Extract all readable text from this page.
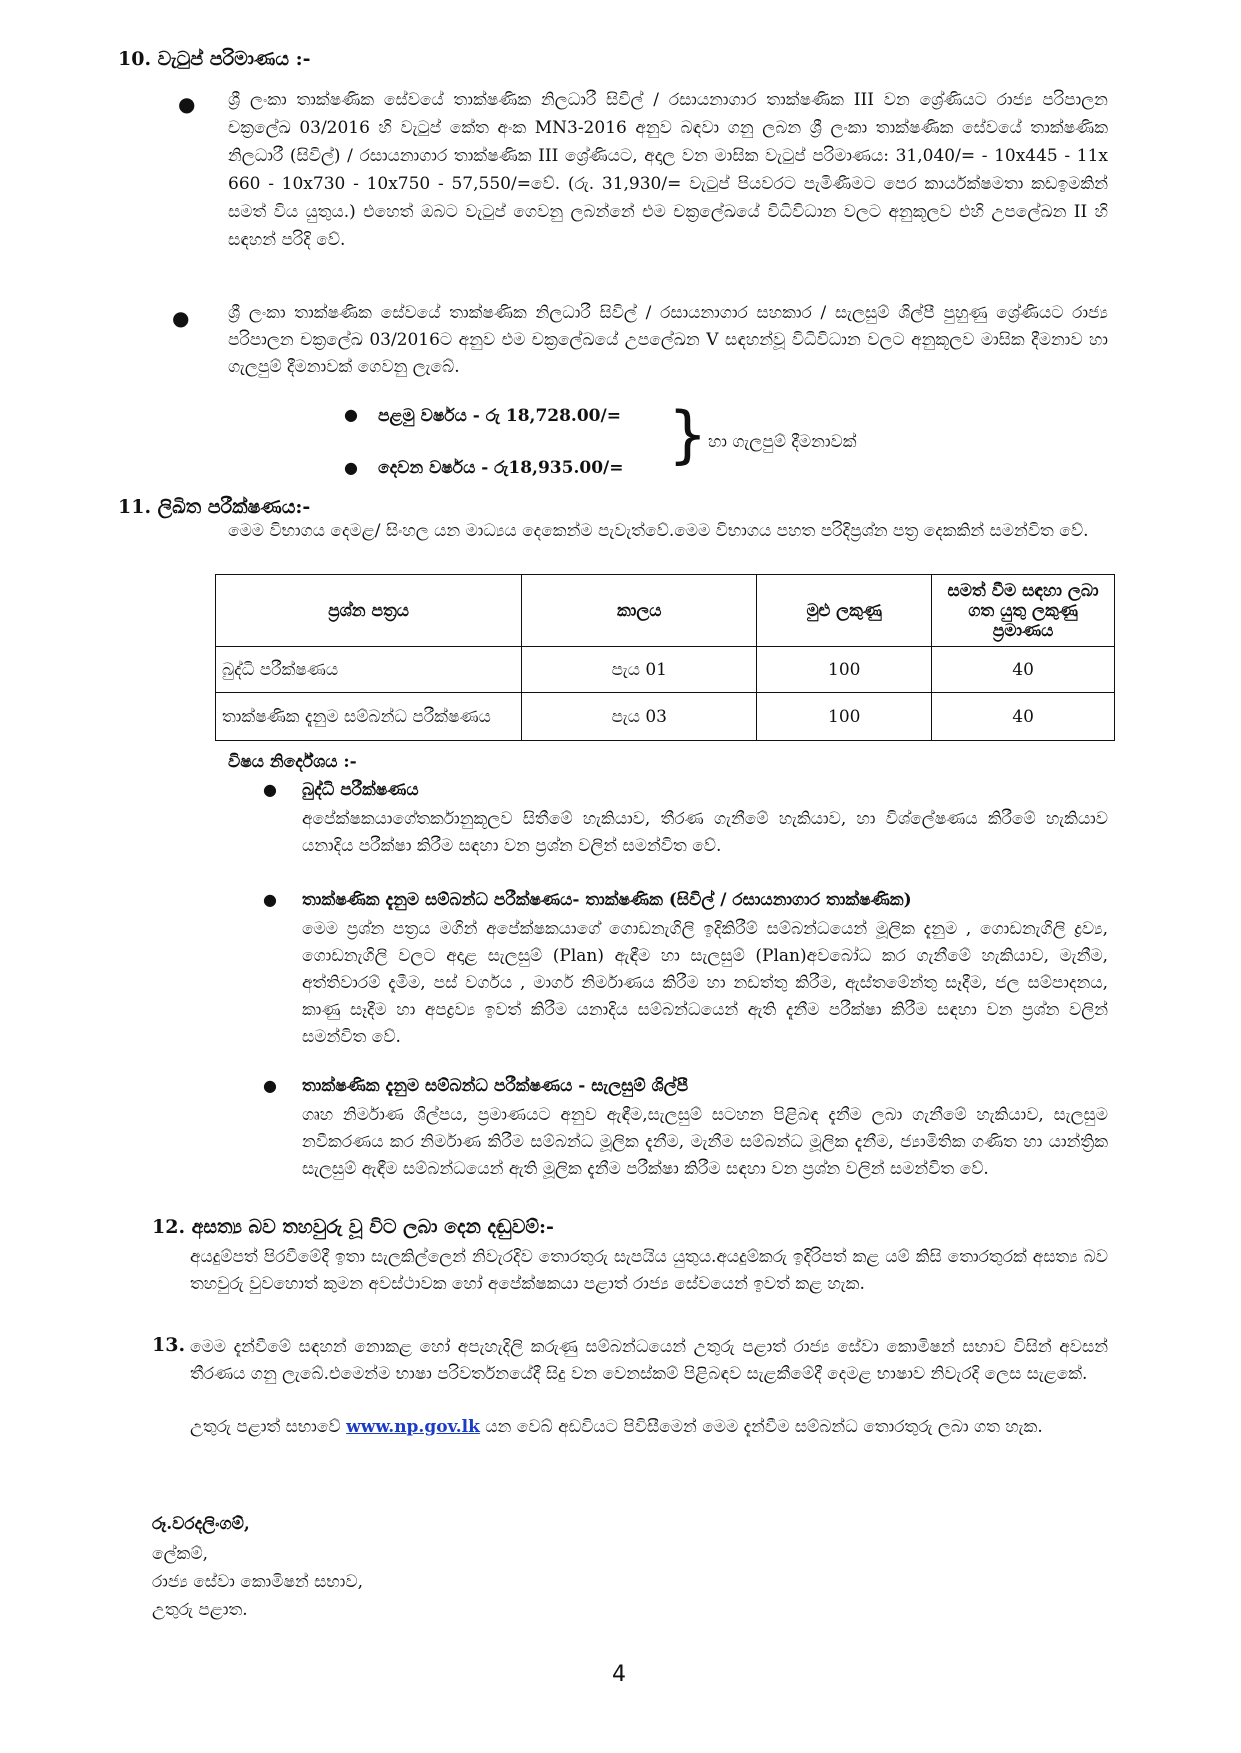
10. වැටුප් පරිමාණය :-
● ශ්‍රී ලංකා තාක්ෂණික සේවයේ තාක්ෂණික නිලධාරී සිවිල් / රසායනාගාර තාක්ෂණික III වන ශ්‍රේණියට රාජ්‍ය පරිපාලන චක්‍රලේඛ 03/2016 හි වැටුප් කේත අංක MN3-2016 අනුව බඳවා ගනු ලබන ශ්‍රී ලංකා තාක්ෂණික සේවයේ තාක්ෂණික නිලධාරී (සිවිල්) / රසායනාගාර තාක්ෂණික III ශ්‍රේණියට, අදාල වන මාසික වැටුප් පරිමාණය: 31,040/= - 10x445 - 11x 660 - 10x730 - 10x750 - 57,550/=වේ. (රු. 31,930/= වැටුප් පියවරට පැමිණීමට පෙර කාර්යක්ෂමතා කඩඉමකින් සමත් විය යුතුය.) එහෙත් ඔබට වැටුප් ගෙවනු ලබන්නේ එම චක්‍රලේඛයේ විධිවිධාන වලට අනුකූලව එහි උපලේඛන II හි සඳහන් පරිදි වේ.
● ශ්‍රී ලංකා තාක්ෂණික සේවයේ තාක්ෂණික නිලධාරී සිවිල් / රසායනාගාර සහකාර / සැලසුම් ශිල්පී පුහුණු ශ්‍රේණියට රාජ්‍ය පරිපාලන චක්‍රලේඛ 03/2016ට අනුව එම චක්‍රලේඛයේ උපලේඛන V සඳහන්වූ විධිවිධාන වලට අනුකූලව මාසික දීමනාව හා ගැලපුම් දීමනාවක් ගෙවනු ලැබේ.
● පළමු වර්ෂය - රු 18,728.00/=
● දෙවන වර්ෂය - රු18,935.00/= } හා ගැලපුම් දීමනාවක්
11. ලිඛිත පරීක්ෂණය:-
මෙම විභාගය දෙමළ/ සිංහල යන මාධ්‍යය දෙකෙන්ම පැවැත්වේ.මෙම විභාගය පහත පරිදිප්‍රශ්න පත්‍ර දෙකකින් සමන්විත වේ.
ප්‍රශ්න පත්‍රය	කාලය	මුළු ලකුණු	සමත් වීම සඳහා ලබා ගත යුතු ලකුණු ප්‍රමාණය
බුද්ධි පරීක්ෂණය	පැය 01	100	40
තාක්ෂණික දැනුම සම්බන්ධ පරීක්ෂණය	පැය 03	100	40
විෂය නිර්දේශය :-
● බුද්ධි පරීක්ෂණය
අපේක්ෂකයාගේතර්කානුකූලව සිතීමේ හැකියාව, තීරණ ගැනීමේ හැකියාව, හා විශ්ලේෂණය කිරීමේ හැකියාව යනාදිය පරීක්ෂා කිරීම සඳහා වන ප්‍රශ්න වලින් සමන්විත වේ.
● තාක්ෂණික දැනුම සම්බන්ධ පරීක්ෂණය- තාක්ෂණික (සිවිල් / රසායනාගාර තාක්ෂණික)
මෙම ප්‍රශ්න පත්‍රය මගින් අපේක්ෂකයාගේ ගොඩනැගිලි ඉදිකිරීම් සම්බන්ධයෙන් මූලික දැනුම , ගොඩනැගිලි ද්‍රව්‍ය, ගොඩනැගිලි වලට අදාළ සැලසුම් (Plan) ඇඳීම හා සැලසුම් (Plan)අවබෝධ කර ගැනීමේ හැකියාව, මැනීම, අත්තිවාරම් දැමීම, පස් වර්ගය , මාර්ග නිර්මාණය කිරීම හා නඩත්තු කිරීම, ඇස්තමේන්තු සෑදීම, ජල සම්පාදනය, කාණු සෑදීම හා අපද්‍රව්‍ය ඉවත් කිරීම යනාදිය සම්බන්ධයෙන් ඇති දැනීම පරීක්ෂා කිරීම සඳහා වන ප්‍රශ්න වලින් සමන්විත වේ.
● තාක්ෂණික දැනුම සම්බන්ධ පරීක්ෂණය - සැලසුම් ශිල්පී
ගෘහ නිර්මාණ ශිල්පය, ප්‍රමාණයට අනුව ඇඳීම,සැලසුම් සටහන පිළිබඳ දැනීම ලබා ගැනීමේ හැකියාව, සැලසුම නවීකරණය කර නිර්මාණ කිරීම සම්බන්ධ මූලික දැනීම, මැනීම සම්බන්ධ මූලික දැනීම, ජ්‍යාමිතික ගණිත හා යාන්ත්‍රික සැලසුම් ඇඳීම සම්බන්ධයෙන් ඇති මූලික දැනීම පරීක්ෂා කිරීම සඳහා වන ප්‍රශ්න වලින් සමන්විත වේ.
12. අසත්‍ය බව තහවුරු වූ විට ලබා දෙන දඬුවම්:-
අයදුම්පත් පිරවීමේදී ඉතා සැලකිල්ලෙන් නිවැරදිව තොරතුරු සැපයිය යුතුය.අයදුම්කරු ඉදිරිපත් කළ යම් කිසි තොරතුරක් අසත්‍ය බව තහවුරු වුවහොත් කුමන අවස්ථාවක හෝ අපේක්ෂකයා පළාත් රාජ්‍ය සේවයෙන් ඉවත් කළ හැක.
13. මෙම දැන්වීමේ සඳහන් නොකළ හෝ අපැහැදිලි කරුණු සම්බන්ධයෙන් උතුරු පළාත් රාජ්‍ය සේවා කොමිෂන් සභාව විසින් අවසන් තීරණය ගනු ලැබේ.එමෙන්ම භාෂා පරිවර්තනයේදී සිදු වන වෙනස්කම් පිළිබඳව සැළකීමේදී දෙමළ භාෂාව නිවැරදි ලෙස සැළකේ.
උතුරු පළාත් සභාවේ www.np.gov.lk යන වෙබ් අඩවියට පිවිසීමෙන් මෙම දැන්වීම සම්බන්ධ තොරතුරු ලබා ගත හැක.
රූ.වරදලිංගම්,
ලේකම්,
රාජ්‍ය සේවා කොමිෂන් සභාව,
උතුරු පළාත.
4
